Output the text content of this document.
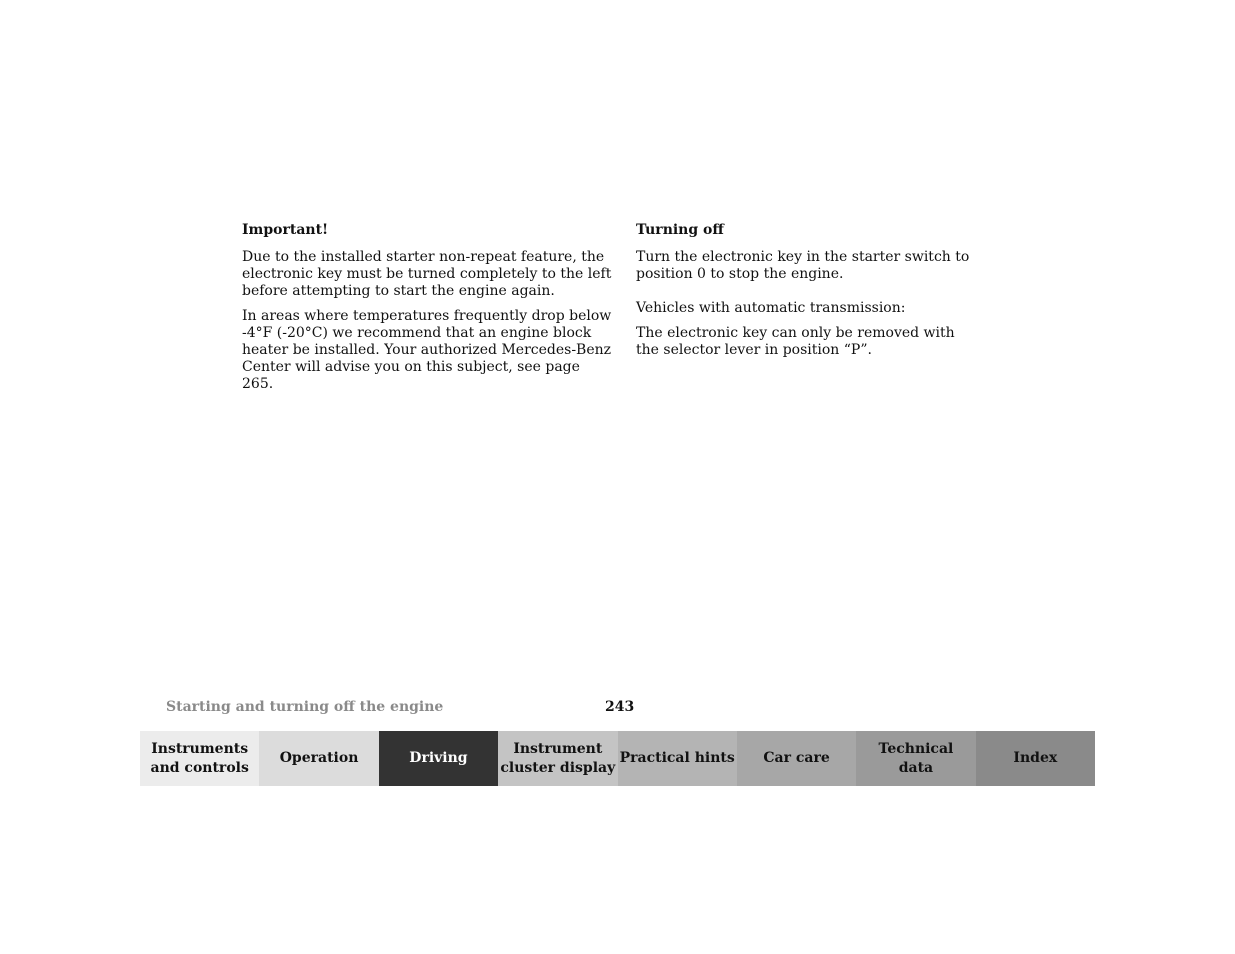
Important!
Due to the installed starter non-repeat feature, the electronic key must be turned completely to the left before attempting to start the engine again.
In areas where temperatures frequently drop below -4°F (-20°C) we recommend that an engine block heater be installed. Your authorized Mercedes-Benz Center will advise you on this subject, see page 265.
Turning off
Turn the electronic key in the starter switch to position 0 to stop the engine.
Vehicles with automatic transmission:
The electronic key can only be removed with the selector lever in position “P”.
Starting and turning off the engine	243
Instruments
and controls
Operation	Driving
Instrument
cluster display
Practical hints	Car care
Technical
data
Index
